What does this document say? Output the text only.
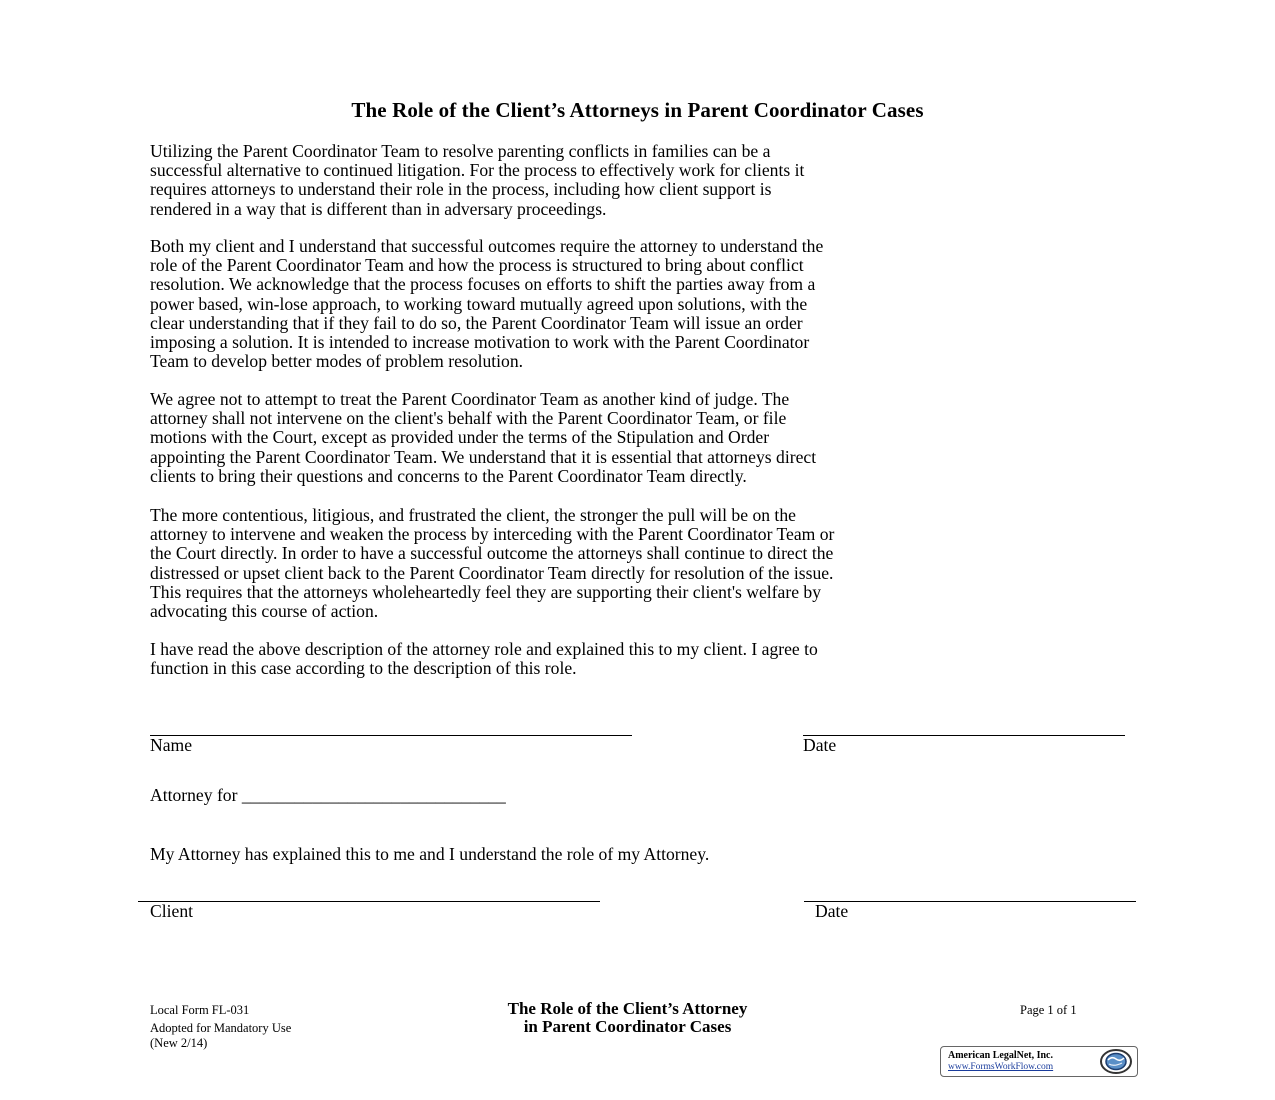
The Role of the Client’s Attorneys in Parent Coordinator Cases

Utilizing the Parent Coordinator Team to resolve parenting conflicts in families can be a
successful alternative to continued litigation. For the process to effectively work for clients it
requires attorneys to understand their role in the process, including how client support is
rendered in a way that is different than in adversary proceedings.

Both my client and I understand that successful outcomes require the attorney to understand the
role of the Parent Coordinator Team and how the process is structured to bring about conflict
resolution. We acknowledge that the process focuses on efforts to shift the parties away from a
power based, win-lose approach, to working toward mutually agreed upon solutions, with the
clear understanding that if they fail to do so, the Parent Coordinator Team will issue an order
imposing a solution. It is intended to increase motivation to work with the Parent Coordinator
Team to develop better modes of problem resolution.

We agree not to attempt to treat the Parent Coordinator Team as another kind of judge. The
attorney shall not intervene on the client's behalf with the Parent Coordinator Team, or file
motions with the Court, except as provided under the terms of the Stipulation and Order
appointing the Parent Coordinator Team. We understand that it is essential that attorneys direct
clients to bring their questions and concerns to the Parent Coordinator Team directly.

The more contentious, litigious, and frustrated the client, the stronger the pull will be on the
attorney to intervene and weaken the process by interceding with the Parent Coordinator Team or
the Court directly. In order to have a successful outcome the attorneys shall continue to direct the
distressed or upset client back to the Parent Coordinator Team directly for resolution of the issue.
This requires that the attorneys wholeheartedly feel they are supporting their client's welfare by
advocating this course of action.

I have read the above description of the attorney role and explained this to my client. I agree to
function in this case according to the description of this role.

Name	Date
Attorney for ______________________________
My Attorney has explained this to me and I understand the role of my Attorney.
Client	Date
Local Form FL-031
Adopted for Mandatory Use
(New 2/14)
The Role of the Client’s Attorney
in Parent Coordinator Cases
Page 1 of 1
American LegalNet, Inc.
www.FormsWorkFlow.com
